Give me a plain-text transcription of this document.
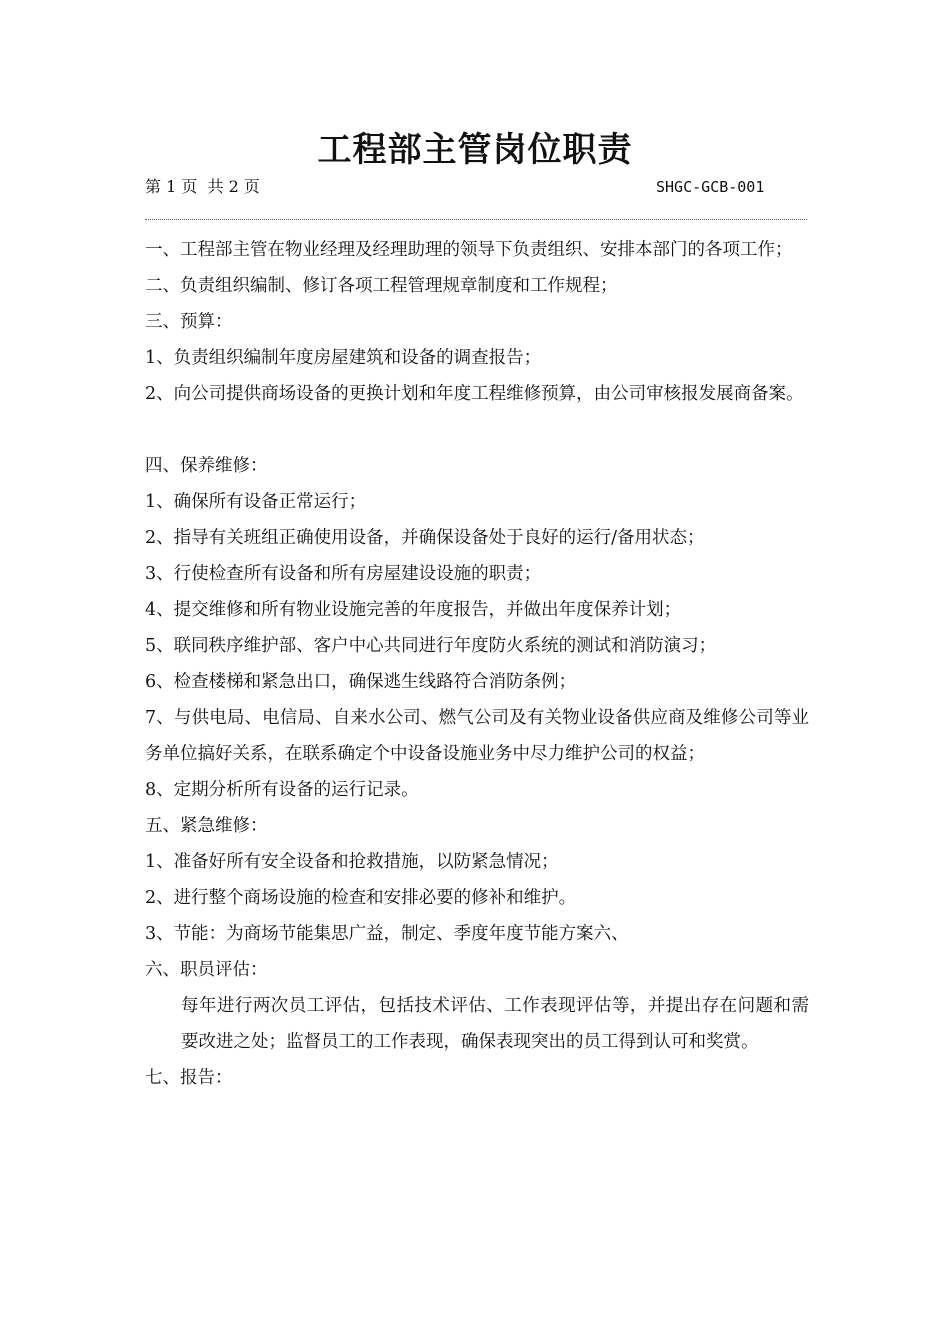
工程部主管岗位职责
第 1 页  共 2 页	SHGC-GCB-001

一、工程部主管在物业经理及经理助理的领导下负责组织、安排本部门的各项工作；

二、负责组织编制、修订各项工程管理规章制度和工作规程；

三、预算：

1、负责组织编制年度房屋建筑和设备的调查报告；

2、向公司提供商场设备的更换计划和年度工程维修预算，由公司审核报发展商备案。

四、保养维修：

1、确保所有设备正常运行；

2、指导有关班组正确使用设备，并确保设备处于良好的运行/备用状态；

3、行使检查所有设备和所有房屋建设设施的职责；

4、提交维修和所有物业设施完善的年度报告，并做出年度保养计划；

5、联同秩序维护部、客户中心共同进行年度防火系统的测试和消防演习；

6、检查楼梯和紧急出口，确保逃生线路符合消防条例；

7、与供电局、电信局、自来水公司、燃气公司及有关物业设备供应商及维修公司等业务单位搞好关系，在联系确定个中设备设施业务中尽力维护公司的权益；

8、定期分析所有设备的运行记录。

五、紧急维修：

1、准备好所有安全设备和抢救措施，以防紧急情况；

2、进行整个商场设施的检查和安排必要的修补和维护。

3、节能：为商场节能集思广益，制定、季度年度节能方案六、

六、职员评估：

每年进行两次员工评估，包括技术评估、工作表现评估等，并提出存在问题和需要改进之处；监督员工的工作表现，确保表现突出的员工得到认可和奖赏。

七、报告：
